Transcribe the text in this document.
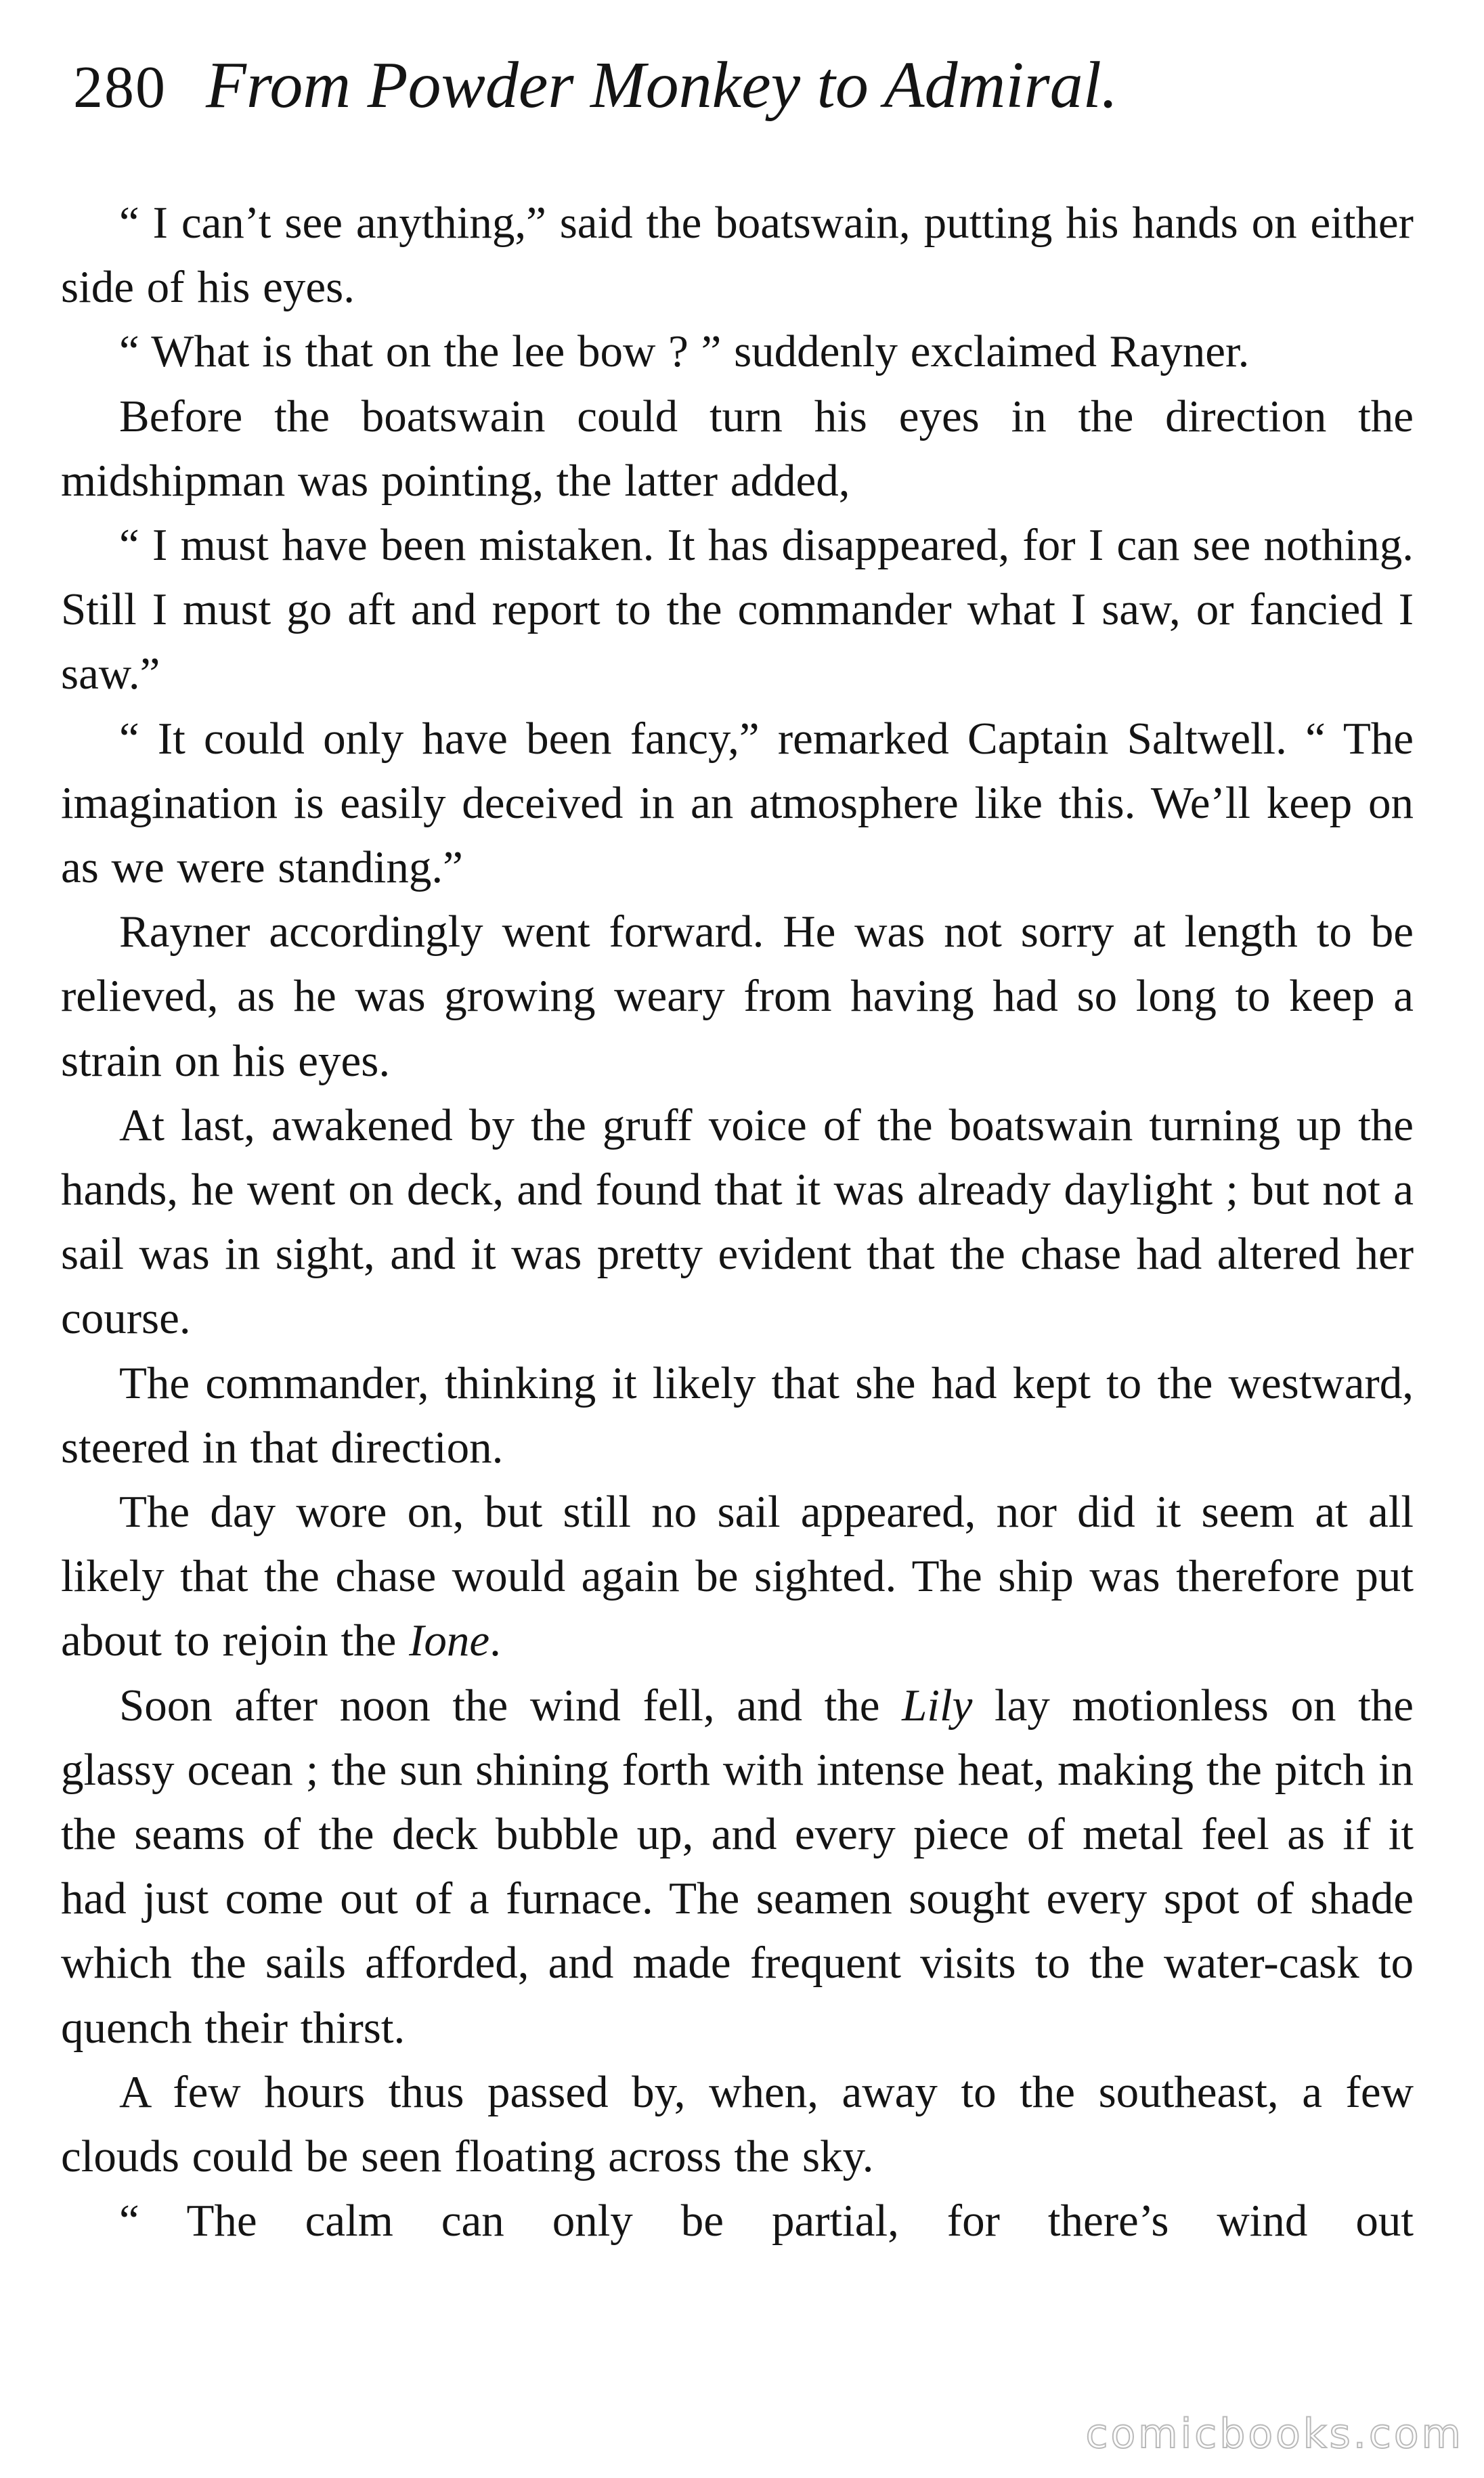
280 From Powder Monkey to Admiral.

“ I can’t see anything,” said the boatswain, putting his hands on either side of his eyes.

“ What is that on the lee bow ? ” suddenly exclaimed Rayner.

Before the boatswain could turn his eyes in the direction the midshipman was pointing, the latter added,

“ I must have been mistaken. It has disappeared, for I can see nothing. Still I must go aft and report to the commander what I saw, or fancied I saw.”

“ It could only have been fancy,” remarked Captain Saltwell. “ The imagination is easily deceived in an atmosphere like this. We’ll keep on as we were standing.”

Rayner accordingly went forward. He was not sorry at length to be relieved, as he was growing weary from having had so long to keep a strain on his eyes.

At last, awakened by the gruff voice of the boatswain turning up the hands, he went on deck, and found that it was already daylight ; but not a sail was in sight, and it was pretty evident that the chase had altered her course.

The commander, thinking it likely that she had kept to the westward, steered in that direction.

The day wore on, but still no sail appeared, nor did it seem at all likely that the chase would again be sighted. The ship was therefore put about to rejoin the Ione.

Soon after noon the wind fell, and the Lily lay motionless on the glassy ocean ; the sun shining forth with intense heat, making the pitch in the seams of the deck bubble up, and every piece of metal feel as if it had just come out of a furnace. The seamen sought every spot of shade which the sails afforded, and made frequent visits to the water-cask to quench their thirst.

A few hours thus passed by, when, away to the southeast, a few clouds could be seen floating across the sky.

“ The calm can only be partial, for there’s wind out

comicbooks.com
